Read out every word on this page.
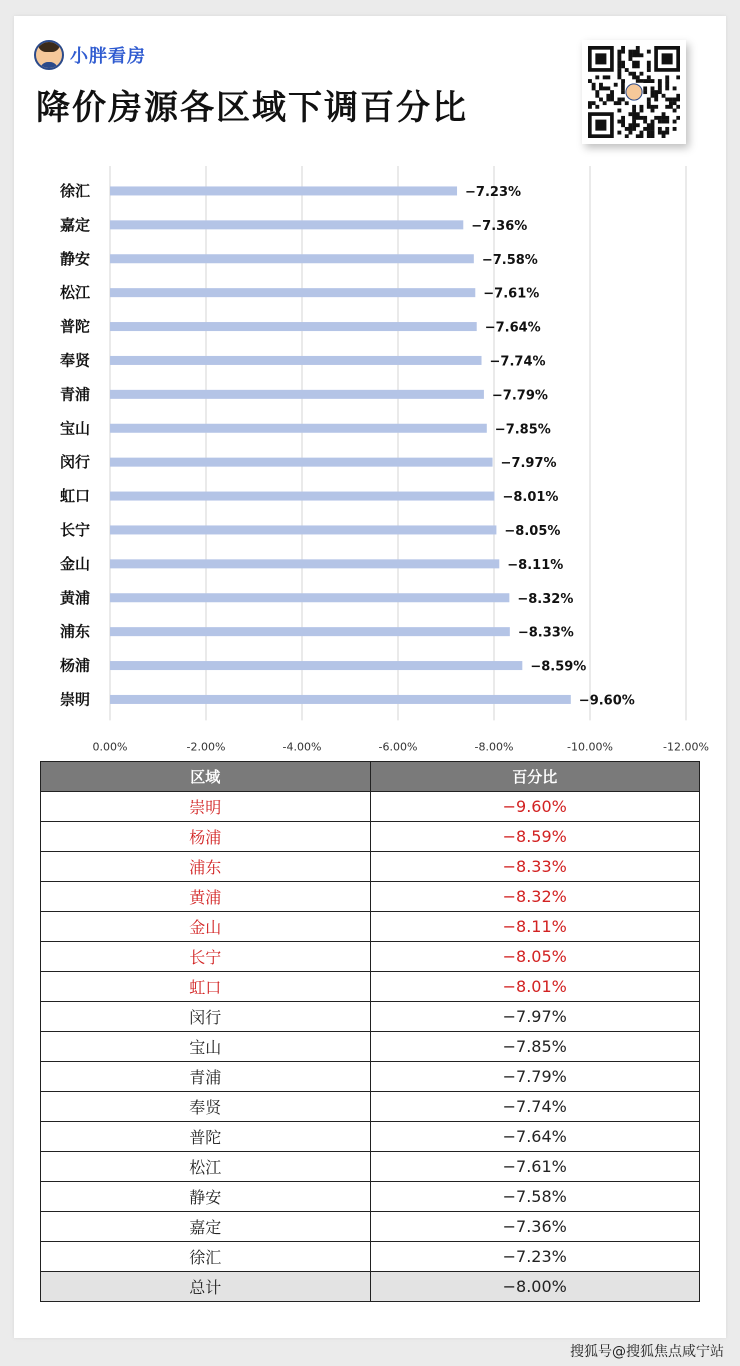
小胖看房
降价房源各区域下调百分比
0.00%	-2.00%	-4.00%	-6.00%	-8.00%	-10.00%	-12.00%
徐汇	−7.23%
嘉定	−7.36%
静安	−7.58%
松江	−7.61%
普陀	−7.64%
奉贤	−7.74%
青浦	−7.79%
宝山	−7.85%
闵行	−7.97%
虹口	−8.01%
长宁	−8.05%
金山	−8.11%
黄浦	−8.32%
浦东	−8.33%
杨浦	−8.59%
崇明	−9.60%
区域	百分比
崇明	−9.60%
杨浦	−8.59%
浦东	−8.33%
黄浦	−8.32%
金山	−8.11%
长宁	−8.05%
虹口	−8.01%
闵行	−7.97%
宝山	−7.85%
青浦	−7.79%
奉贤	−7.74%
普陀	−7.64%
松江	−7.61%
静安	−7.58%
嘉定	−7.36%
徐汇	−7.23%
总计	−8.00%
搜狐号@搜狐焦点咸宁站
